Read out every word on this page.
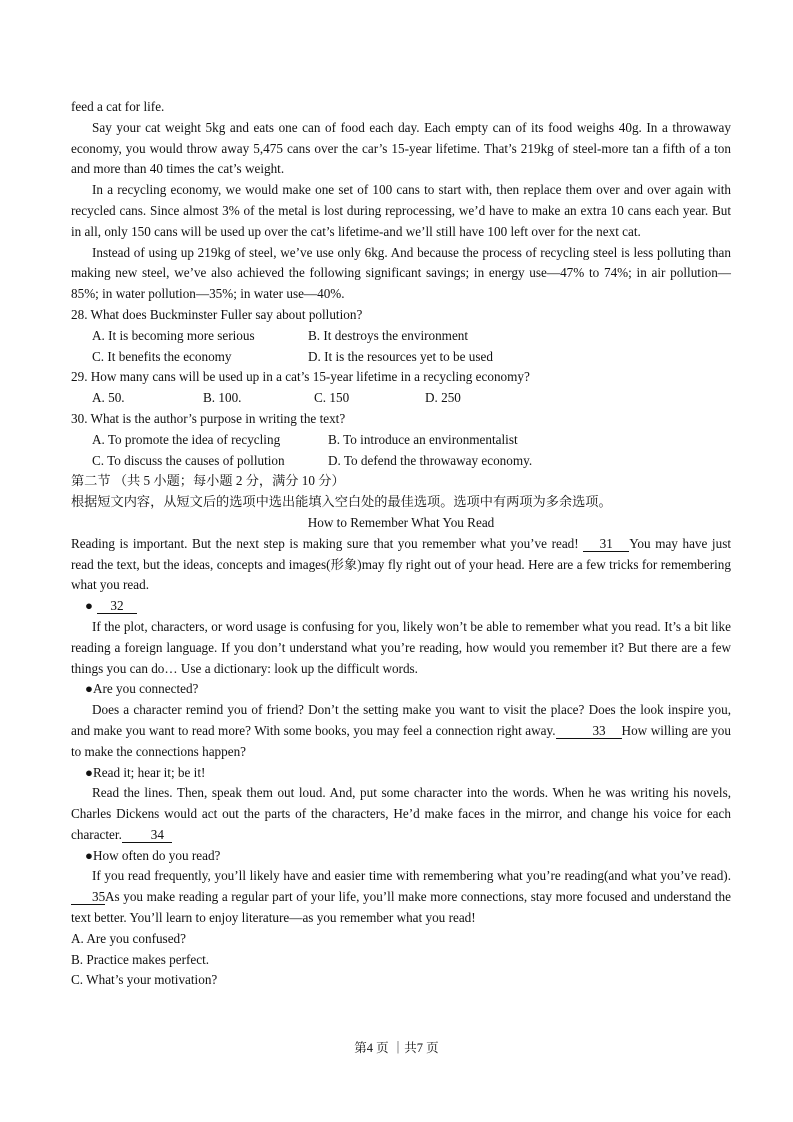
feed a cat for life.

Say your cat weight 5kg and eats one can of food each day. Each empty can of its food weighs 40g. In a throwaway economy, you would throw away 5,475 cans over the car’s 15-year lifetime. That’s 219kg of steel-more tan a fifth of a ton and more than 40 times the cat’s weight.

In a recycling economy, we would make one set of 100 cans to start with, then replace them over and over again with recycled cans. Since almost 3% of the metal is lost during reprocessing, we’d have to make an extra 10 cans each year. But in all, only 150 cans will be used up over the cat’s lifetime-and we’ll still have 100 left over for the next cat.

Instead of using up 219kg of steel, we’ve use only 6kg. And because the process of recycling steel is less polluting than making new steel, we’ve also achieved the following significant savings; in energy use—47% to 74%; in air pollution—85%; in water pollution—35%; in water use—40%.

28. What does Buckminster Fuller say about pollution?

A. It is becoming more serious	B. It destroys the environment

C. It benefits the economy	D. It is the resources yet to be used

29. How many cans will be used up in a cat’s 15-year lifetime in a recycling economy?

A. 50.	B. 100.	C. 150	D. 250

30. What is the author’s purpose in writing the text?

A. To promote the idea of recycling	B. To introduce an environmentalist

C. To discuss the causes of pollution	D. To defend the throwaway economy.

第二节 （共 5 小题；每小题 2 分，满分 10 分）

根据短文内容，从短文后的选项中选出能填入空白处的最佳选项。选项中有两项为多余选项。

How to Remember What You Read

Reading is important. But the next step is making sure that you remember what you’ve read! 31 You may have just read the text, but the ideas, concepts and images(形象)may fly right out of your head. Here are a few tricks for remembering what you read.

● 32

If the plot, characters, or word usage is confusing for you, likely won’t be able to remember what you read. It’s a bit like reading a foreign language. If you don’t understand what you’re reading, how would you remember it? But there are a few things you can do… Use a dictionary: look up the difficult words.

●Are you connected?

Does a character remind you of friend? Don’t the setting make you want to visit the place? Does the look inspire you, and make you want to read more? With some books, you may feel a connection right away.	33 How willing are you to make the connections happen?

●Read it; hear it; be it!

Read the lines. Then, speak them out loud. And, put some character into the words. When he was writing his novels, Charles Dickens would act out the parts of the characters, He’d make faces in the mirror, and change his voice for each character. 34

●How often do you read?

If you read frequently, you’ll likely have and easier time with remembering what you’re reading(and what you’ve read).35As you make reading a regular part of your life, you’ll make more connections, stay more focused and understand the text better. You’ll learn to enjoy literature—as you remember what you read!

A. Are you confused?

B. Practice makes perfect.

C. What’s your motivation?

第4 页 ｜共7 页
